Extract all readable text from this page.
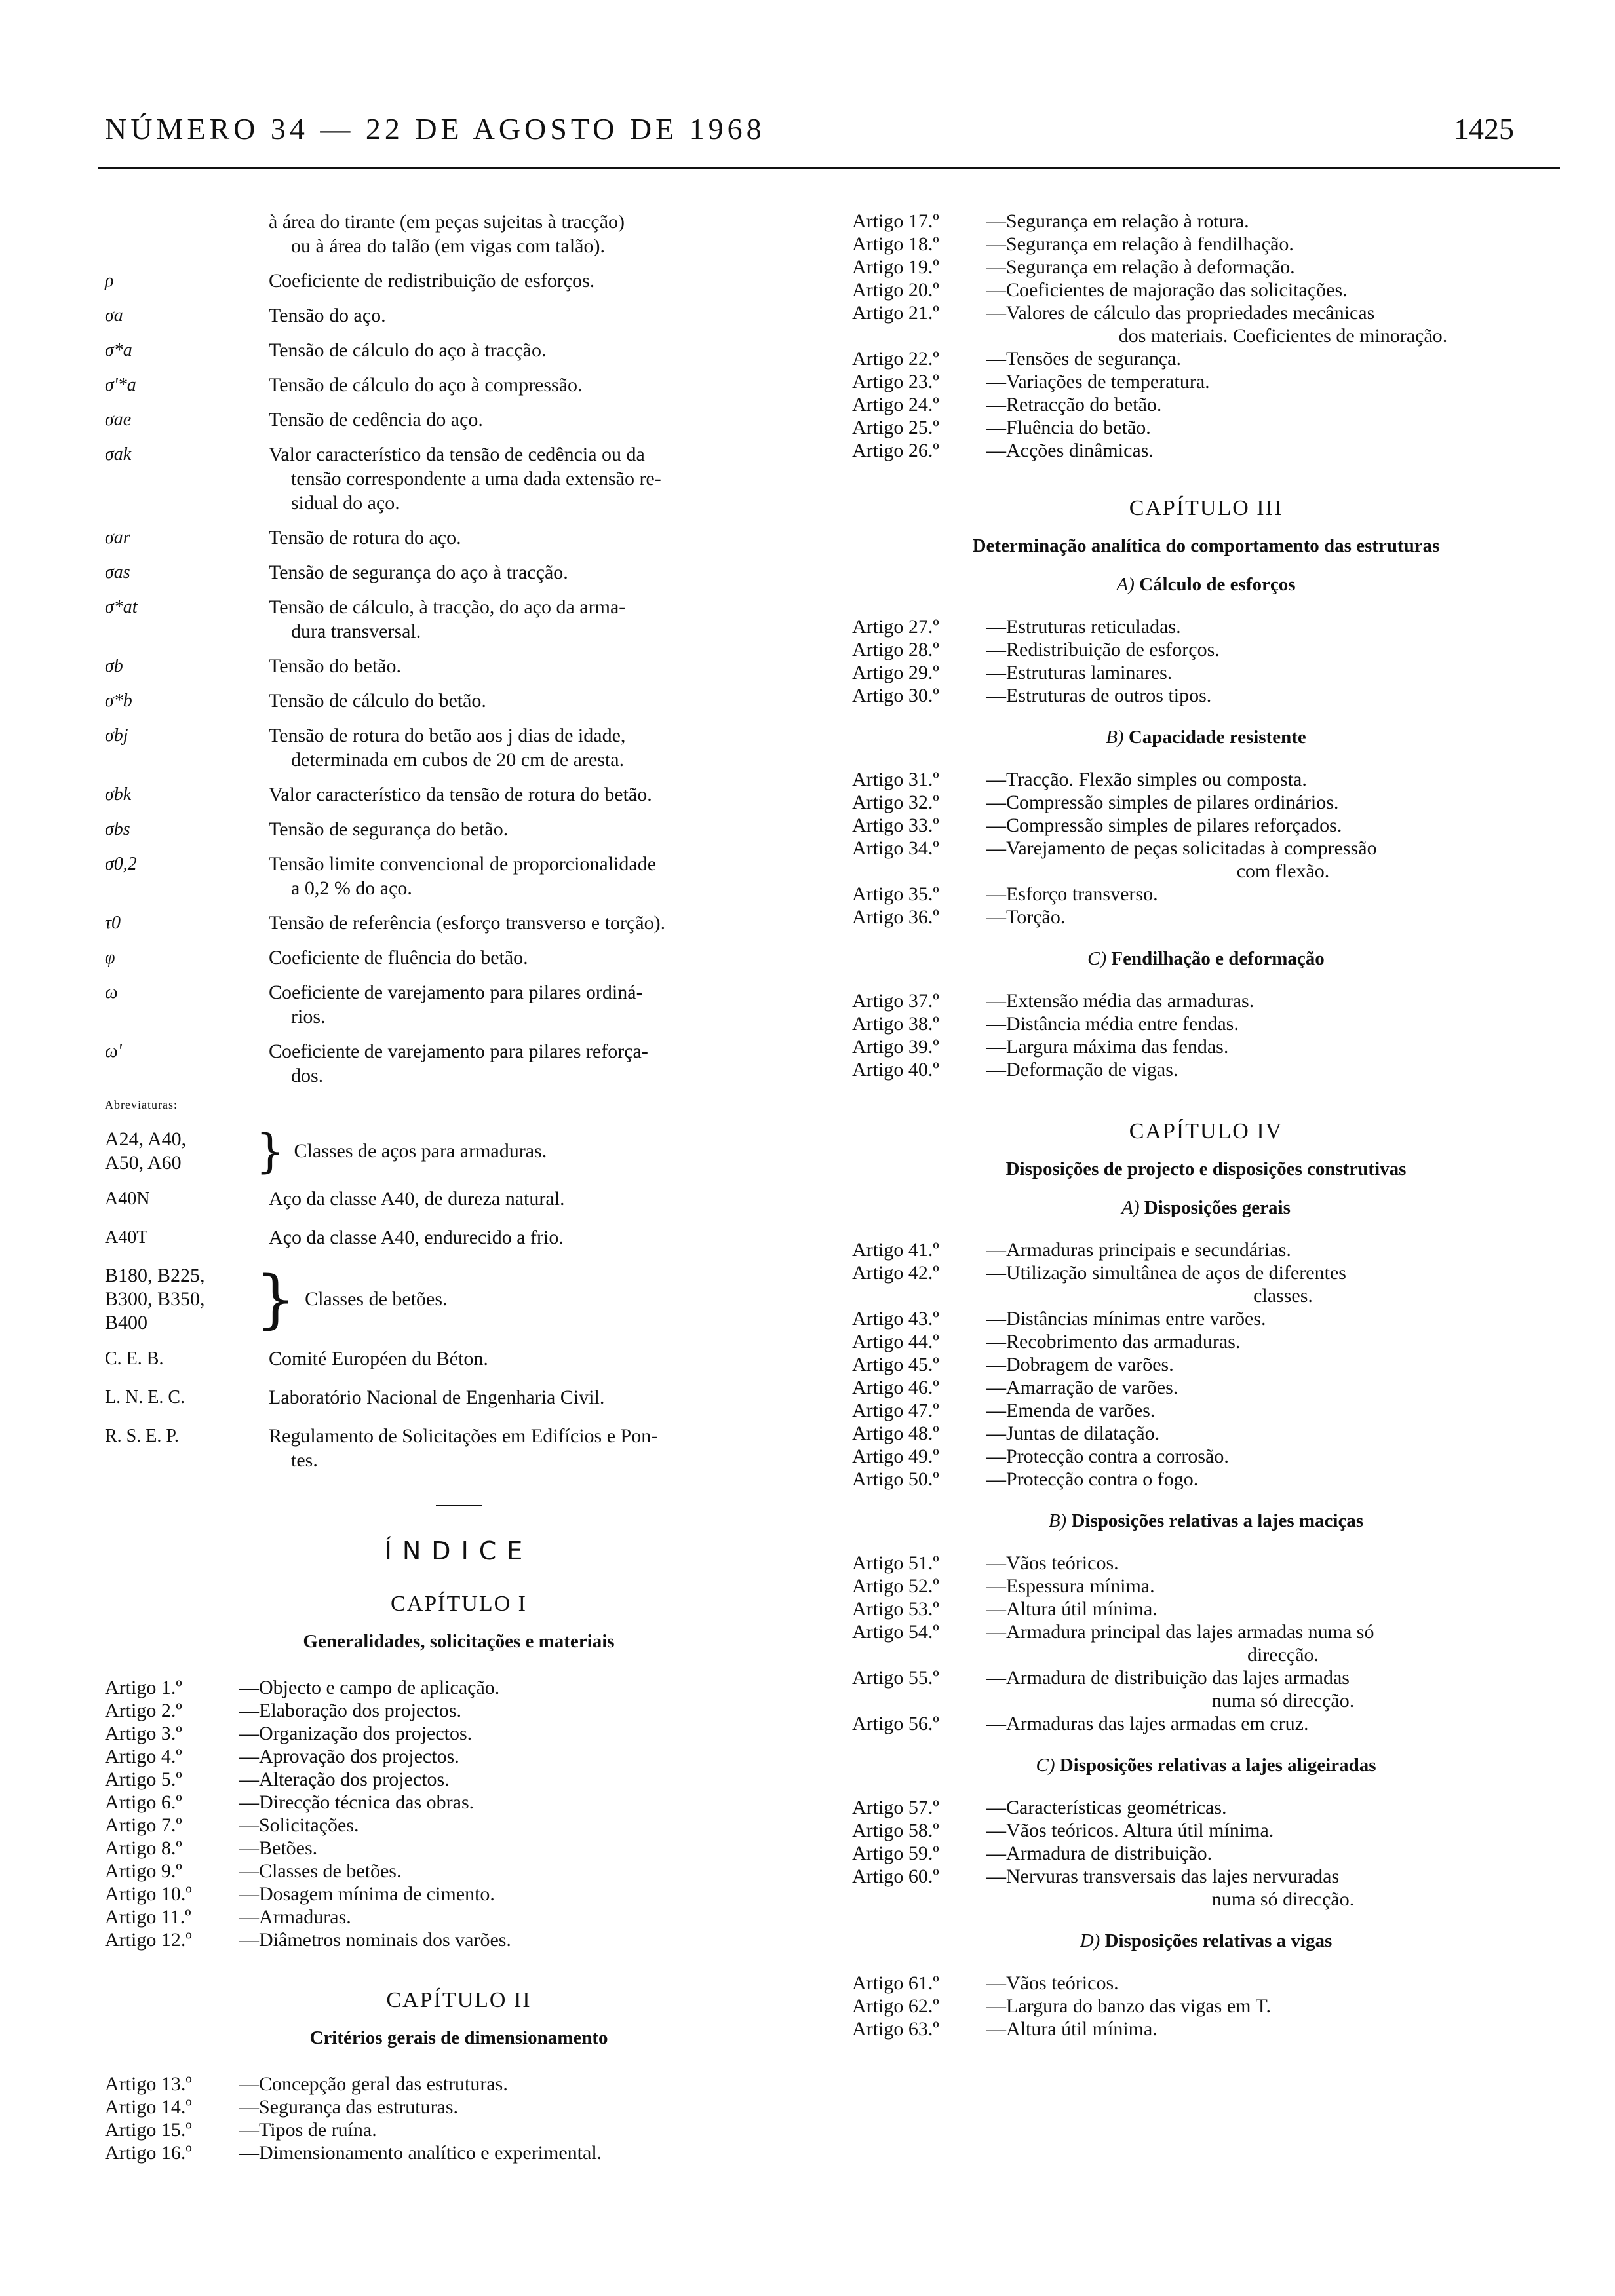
NÚMERO 34 — 22 DE AGOSTO DE 1968	1425
à área do tirante (em peças sujeitas à tracção)

ou à área do talão (em vigas com talão).
ρ	Coeficiente de redistribuição de esforços.

σa	Tensão do aço.

σ*a	Tensão de cálculo do aço à tracção.

σ'*a	Tensão de cálculo do aço à compressão.

σae	Tensão de cedência do aço.

σak	Valor característico da tensão de cedência ou da

tensão correspondente a uma dada extensão re-
sidual do aço.
σar	Tensão de rotura do aço.

σas	Tensão de segurança do aço à tracção.

σ*at	Tensão de cálculo, à tracção, do aço da arma-

dura transversal.
σb	Tensão do betão.

σ*b	Tensão de cálculo do betão.

σbj	Tensão de rotura do betão aos j dias de idade,

determinada em cubos de 20 cm de aresta.
σbk	Valor característico da tensão de rotura do betão.

σbs	Tensão de segurança do betão.

σ0,2	Tensão limite convencional de proporcionalidade

a 0,2 % do aço.
τ0	Tensão de referência (esforço transverso e torção).

φ	Coeficiente de fluência do betão.

ω	Coeficiente de varejamento para pilares ordiná-

rios.
ω'	Coeficiente de varejamento para pilares reforça-

dos.
Abreviaturas:
A24, A40,
A50, A60	} Classes de aços para armaduras.
A40N	Aço da classe A40, de dureza natural.
A40T	Aço da classe A40, endurecido a frio.
B180, B225,
B300, B350,
B400	} Classes de betões.
C. E. B.	Comité Européen du Béton.

L. N. E. C.	Laboratório Nacional de Engenharia Civil.

R. S. E. P.	Regulamento de Solicitações em Edifícios e Pon-

tes.
ÍNDICE
CAPÍTULO I
Generalidades, solicitações e materiais
Artigo 1.º	— Objecto e campo de aplicação.
Artigo 2.º	— Elaboração dos projectos.
Artigo 3.º	— Organização dos projectos.
Artigo 4.º	— Aprovação dos projectos.
Artigo 5.º	— Alteração dos projectos.
Artigo 6.º	— Direcção técnica das obras.
Artigo 7.º	— Solicitações.
Artigo 8.º	— Betões.
Artigo 9.º	— Classes de betões.
Artigo 10.º	— Dosagem mínima de cimento.
Artigo 11.º	— Armaduras.
Artigo 12.º	— Diâmetros nominais dos varões.
CAPÍTULO II
Critérios gerais de dimensionamento
Artigo 13.º	— Concepção geral das estruturas.
Artigo 14.º	— Segurança das estruturas.
Artigo 15.º	— Tipos de ruína.
Artigo 16.º	— Dimensionamento analítico e experimental.
Artigo 17.º	— Segurança em relação à rotura.
Artigo 18.º	— Segurança em relação à fendilhação.
Artigo 19.º	— Segurança em relação à deformação.
Artigo 20.º	— Coeficientes de majoração das solicitações.
Artigo 21.º	— Valores de cálculo das propriedades mecânicas
dos materiais. Coeficientes de minoração.
Artigo 22.º	— Tensões de segurança.
Artigo 23.º	— Variações de temperatura.
Artigo 24.º	— Retracção do betão.
Artigo 25.º	— Fluência do betão.
Artigo 26.º	— Acções dinâmicas.
CAPÍTULO III
Determinação analítica do comportamento das estruturas
A) Cálculo de esforços
Artigo 27.º	— Estruturas reticuladas.
Artigo 28.º	— Redistribuição de esforços.
Artigo 29.º	— Estruturas laminares.
Artigo 30.º	— Estruturas de outros tipos.
B) Capacidade resistente
Artigo 31.º	— Tracção. Flexão simples ou composta.
Artigo 32.º	— Compressão simples de pilares ordinários.
Artigo 33.º	— Compressão simples de pilares reforçados.
Artigo 34.º	— Varejamento de peças solicitadas à compressão
com flexão.
Artigo 35.º	— Esforço transverso.
Artigo 36.º	— Torção.
C) Fendilhação e deformação
Artigo 37.º	— Extensão média das armaduras.
Artigo 38.º	— Distância média entre fendas.
Artigo 39.º	— Largura máxima das fendas.
Artigo 40.º	— Deformação de vigas.
CAPÍTULO IV
Disposições de projecto e disposições construtivas
A) Disposições gerais
Artigo 41.º	— Armaduras principais e secundárias.
Artigo 42.º	— Utilização simultânea de aços de diferentes
classes.
Artigo 43.º	— Distâncias mínimas entre varões.
Artigo 44.º	— Recobrimento das armaduras.
Artigo 45.º	— Dobragem de varões.
Artigo 46.º	— Amarração de varões.
Artigo 47.º	— Emenda de varões.
Artigo 48.º	— Juntas de dilatação.
Artigo 49.º	— Protecção contra a corrosão.
Artigo 50.º	— Protecção contra o fogo.
B) Disposições relativas a lajes maciças
Artigo 51.º	— Vãos teóricos.
Artigo 52.º	— Espessura mínima.
Artigo 53.º	— Altura útil mínima.
Artigo 54.º	— Armadura principal das lajes armadas numa só
direcção.
Artigo 55.º	— Armadura de distribuição das lajes armadas
numa só direcção.
Artigo 56.º	— Armaduras das lajes armadas em cruz.
C) Disposições relativas a lajes aligeiradas
Artigo 57.º	— Características geométricas.
Artigo 58.º	— Vãos teóricos. Altura útil mínima.
Artigo 59.º	— Armadura de distribuição.
Artigo 60.º	— Nervuras transversais das lajes nervuradas
numa só direcção.
D) Disposições relativas a vigas
Artigo 61.º	— Vãos teóricos.
Artigo 62.º	— Largura do banzo das vigas em T.
Artigo 63.º	— Altura útil mínima.
